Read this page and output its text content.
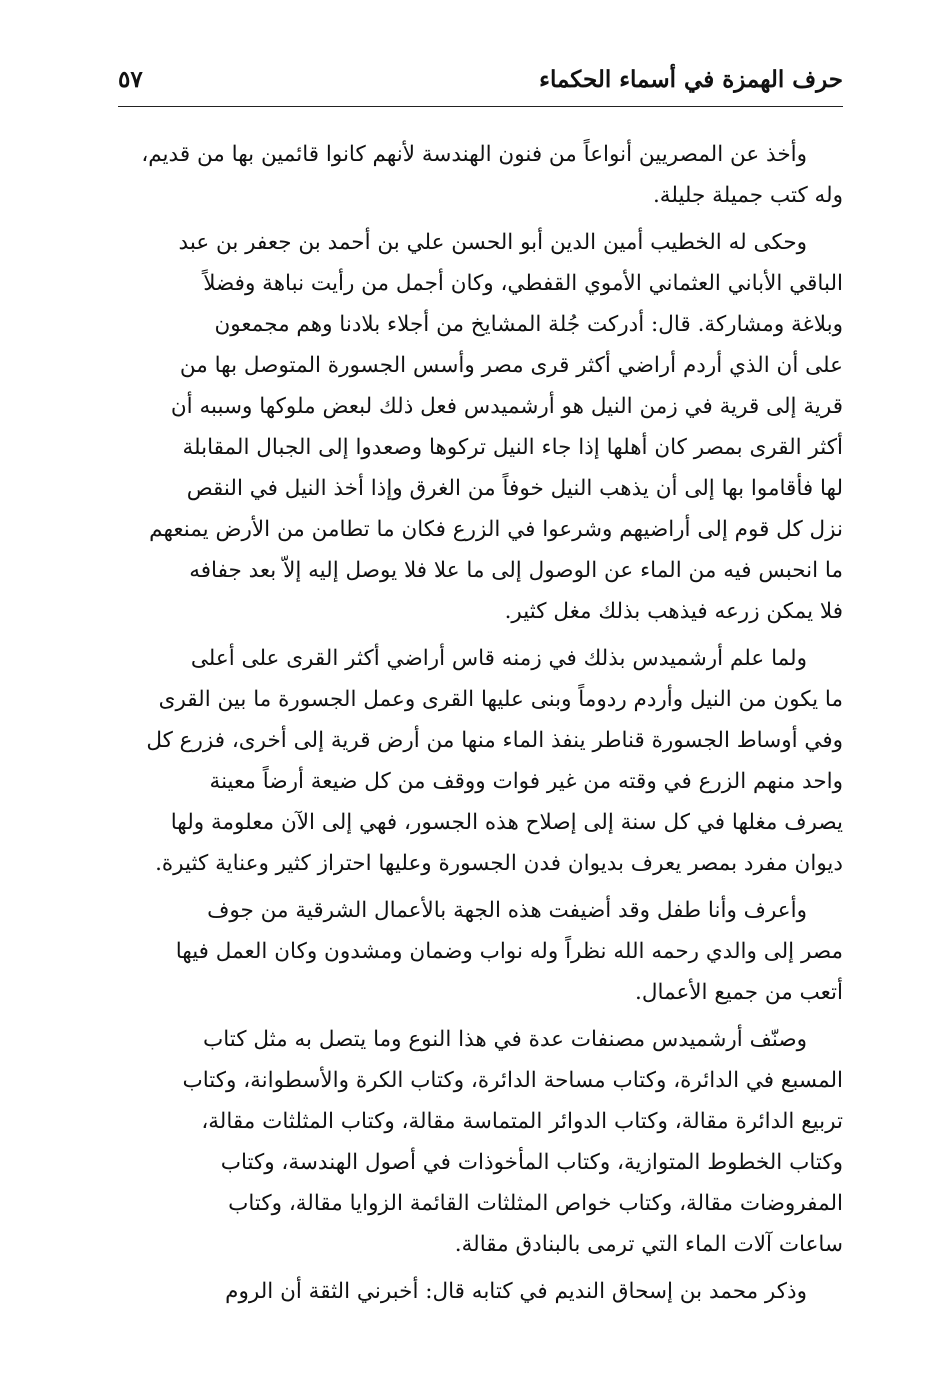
حرف الهمزة في أسماء الحكماء
٥٧
وأخذ عن المصريين أنواعاً من فنون الهندسة لأنهم كانوا قائمين بها من قديم،
وله كتب جميلة جليلة.
وحكى له الخطيب أمين الدين أبو الحسن علي بن أحمد بن جعفر بن عبد
الباقي الأباني العثماني الأموي القفطي، وكان أجمل من رأيت نباهة وفضلاً
وبلاغة ومشاركة. قال: أدركت جُلة المشايخ من أجلاء بلادنا وهم مجمعون
على أن الذي أردم أراضي أكثر قرى مصر وأسس الجسورة المتوصل بها من
قرية إلى قرية في زمن النيل هو أرشميدس فعل ذلك لبعض ملوكها وسببه أن
أكثر القرى بمصر كان أهلها إذا جاء النيل تركوها وصعدوا إلى الجبال المقابلة
لها فأقاموا بها إلى أن يذهب النيل خوفاً من الغرق وإذا أخذ النيل في النقص
نزل كل قوم إلى أراضيهم وشرعوا في الزرع فكان ما تطامن من الأرض يمنعهم
ما انحبس فيه من الماء عن الوصول إلى ما علا فلا يوصل إليه إلاّ بعد جفافه
فلا يمكن زرعه فيذهب بذلك مغل كثير.
ولما علم أرشميدس بذلك في زمنه قاس أراضي أكثر القرى على أعلى
ما يكون من النيل وأردم ردوماً وبنى عليها القرى وعمل الجسورة ما بين القرى
وفي أوساط الجسورة قناطر ينفذ الماء منها من أرض قرية إلى أخرى، فزرع كل
واحد منهم الزرع في وقته من غير فوات ووقف من كل ضيعة أرضاً معينة
يصرف مغلها في كل سنة إلى إصلاح هذه الجسور، فهي إلى الآن معلومة ولها
ديوان مفرد بمصر يعرف بديوان فدن الجسورة وعليها احتراز كثير وعناية كثيرة.
وأعرف وأنا طفل وقد أضيفت هذه الجهة بالأعمال الشرقية من جوف
مصر إلى والدي رحمه الله نظراً وله نواب وضمان ومشدون وكان العمل فيها
أتعب من جميع الأعمال.
وصنّف أرشميدس مصنفات عدة في هذا النوع وما يتصل به مثل كتاب
المسبع في الدائرة، وكتاب مساحة الدائرة، وكتاب الكرة والأسطوانة، وكتاب
تربيع الدائرة مقالة، وكتاب الدوائر المتماسة مقالة، وكتاب المثلثات مقالة،
وكتاب الخطوط المتوازية، وكتاب المأخوذات في أصول الهندسة، وكتاب
المفروضات مقالة، وكتاب خواص المثلثات القائمة الزوايا مقالة، وكتاب
ساعات آلات الماء التي ترمى بالبنادق مقالة.
وذكر محمد بن إسحاق النديم في كتابه قال: أخبرني الثقة أن الروم
